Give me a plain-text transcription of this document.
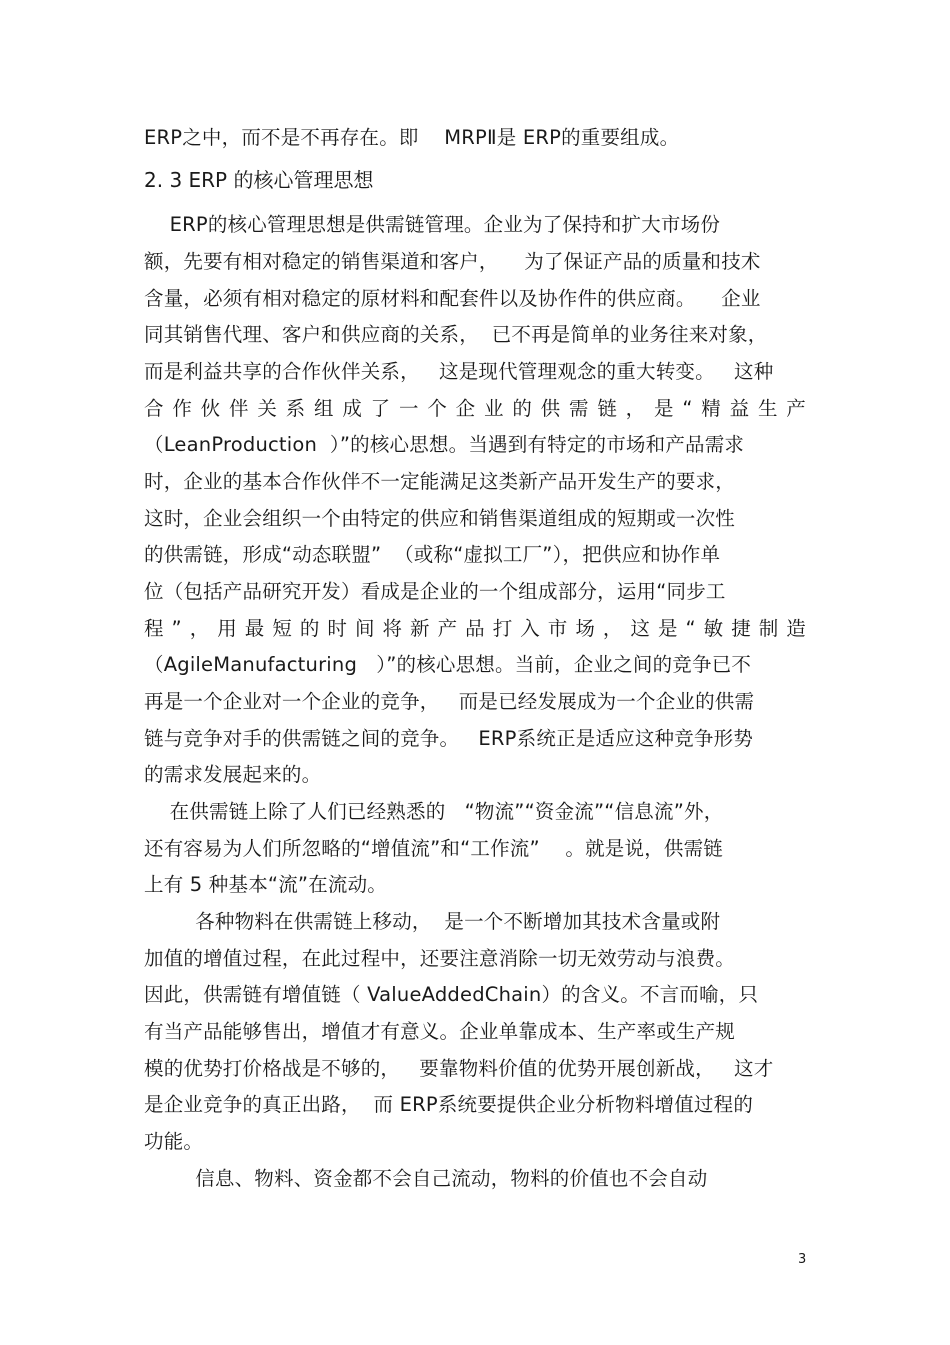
ERP之中，而不是不再存在。即    MRPⅡ是 ERP的重要组成。
2. 3 ERP 的核心管理思想
ERP的核心管理思想是供需链管理。企业为了保持和扩大市场份
额，先要有相对稳定的销售渠道和客户，    为了保证产品的质量和技术
含量，必须有相对稳定的原材料和配套件以及协作件的供应商。    企业
同其销售代理、客户和供应商的关系，  已不再是简单的业务往来对象，
而是利益共享的合作伙伴关系，   这是现代管理观念的重大转变。   这种
合作伙伴关系组成了一个企业的供需链，是“精益生产
（LeanProduction  ）”的核心思想。当遇到有特定的市场和产品需求
时，企业的基本合作伙伴不一定能满足这类新产品开发生产的要求，
这时，企业会组织一个由特定的供应和销售渠道组成的短期或一次性
的供需链，形成“动态联盟”  （或称“虚拟工厂”），把供应和协作单
位（包括产品研究开发）看成是企业的一个组成部分，运用“同步工
程”，用最短的时间将新产品打入市场，这是“敏捷制造
（AgileManufacturing   ）”的核心思想。当前，企业之间的竞争已不
再是一个企业对一个企业的竞争，   而是已经发展成为一个企业的供需
链与竞争对手的供需链之间的竞争。   ERP系统正是适应这种竞争形势
的需求发展起来的。
在供需链上除了人们已经熟悉的   “物流”“资金流”“信息流”外，
还有容易为人们所忽略的“增值流”和“工作流”    。就是说，供需链
上有 5 种基本“流”在流动。
各种物料在供需链上移动，  是一个不断增加其技术含量或附
加值的增值过程，在此过程中，还要注意消除一切无效劳动与浪费。
因此，供需链有增值链（ ValueAddedChain）的含义。不言而喻，只
有当产品能够售出，增值才有意义。企业单靠成本、生产率或生产规
模的优势打价格战是不够的，   要靠物料价值的优势开展创新战，   这才
是企业竞争的真正出路，  而 ERP系统要提供企业分析物料增值过程的
功能。
信息、物料、资金都不会自己流动，物料的价值也不会自动
3
